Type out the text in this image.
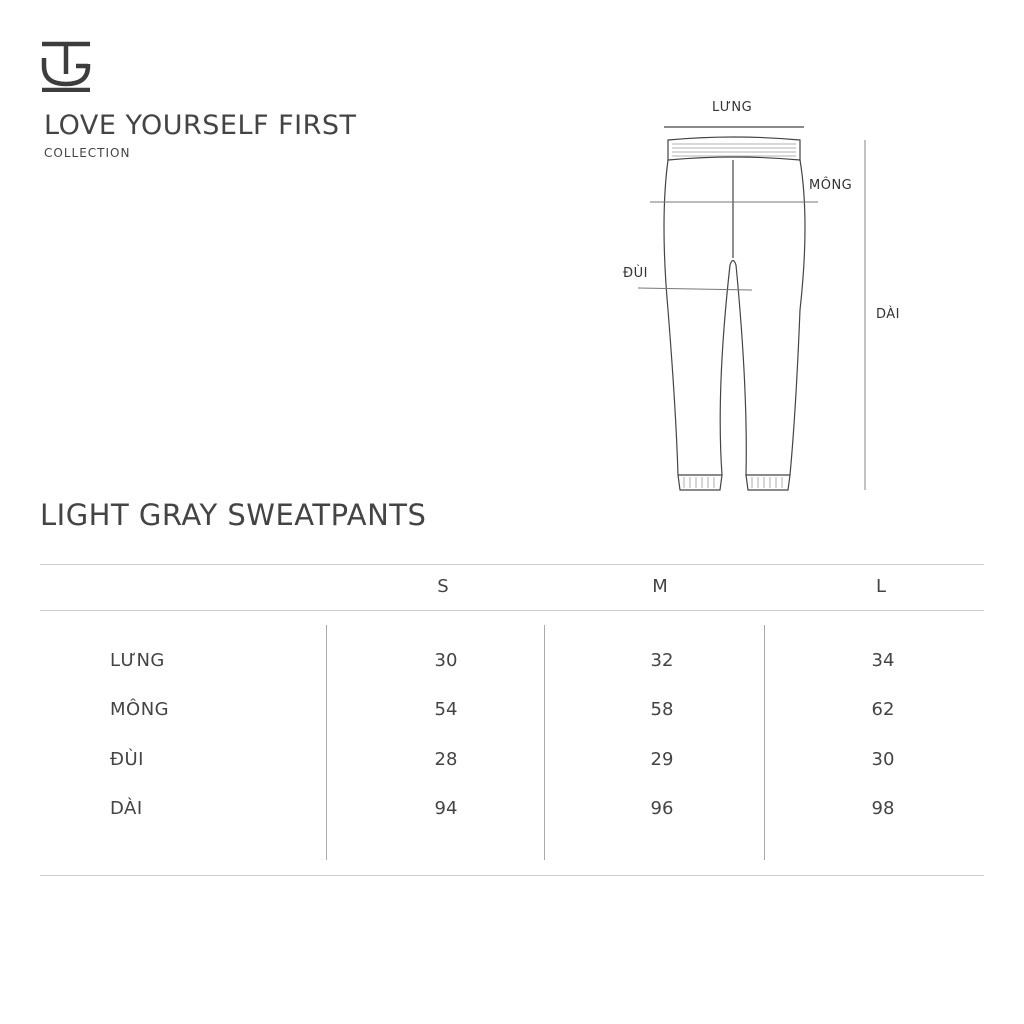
LOVE YOURSELF FIRST
COLLECTION
LƯNG
MÔNG
ĐÙI
DÀI
LIGHT GRAY SWEATPANTS
S	M	L
LƯNG	30	32	34
MÔNG	54	58	62
ĐÙI	28	29	30
DÀI	94	96	98
